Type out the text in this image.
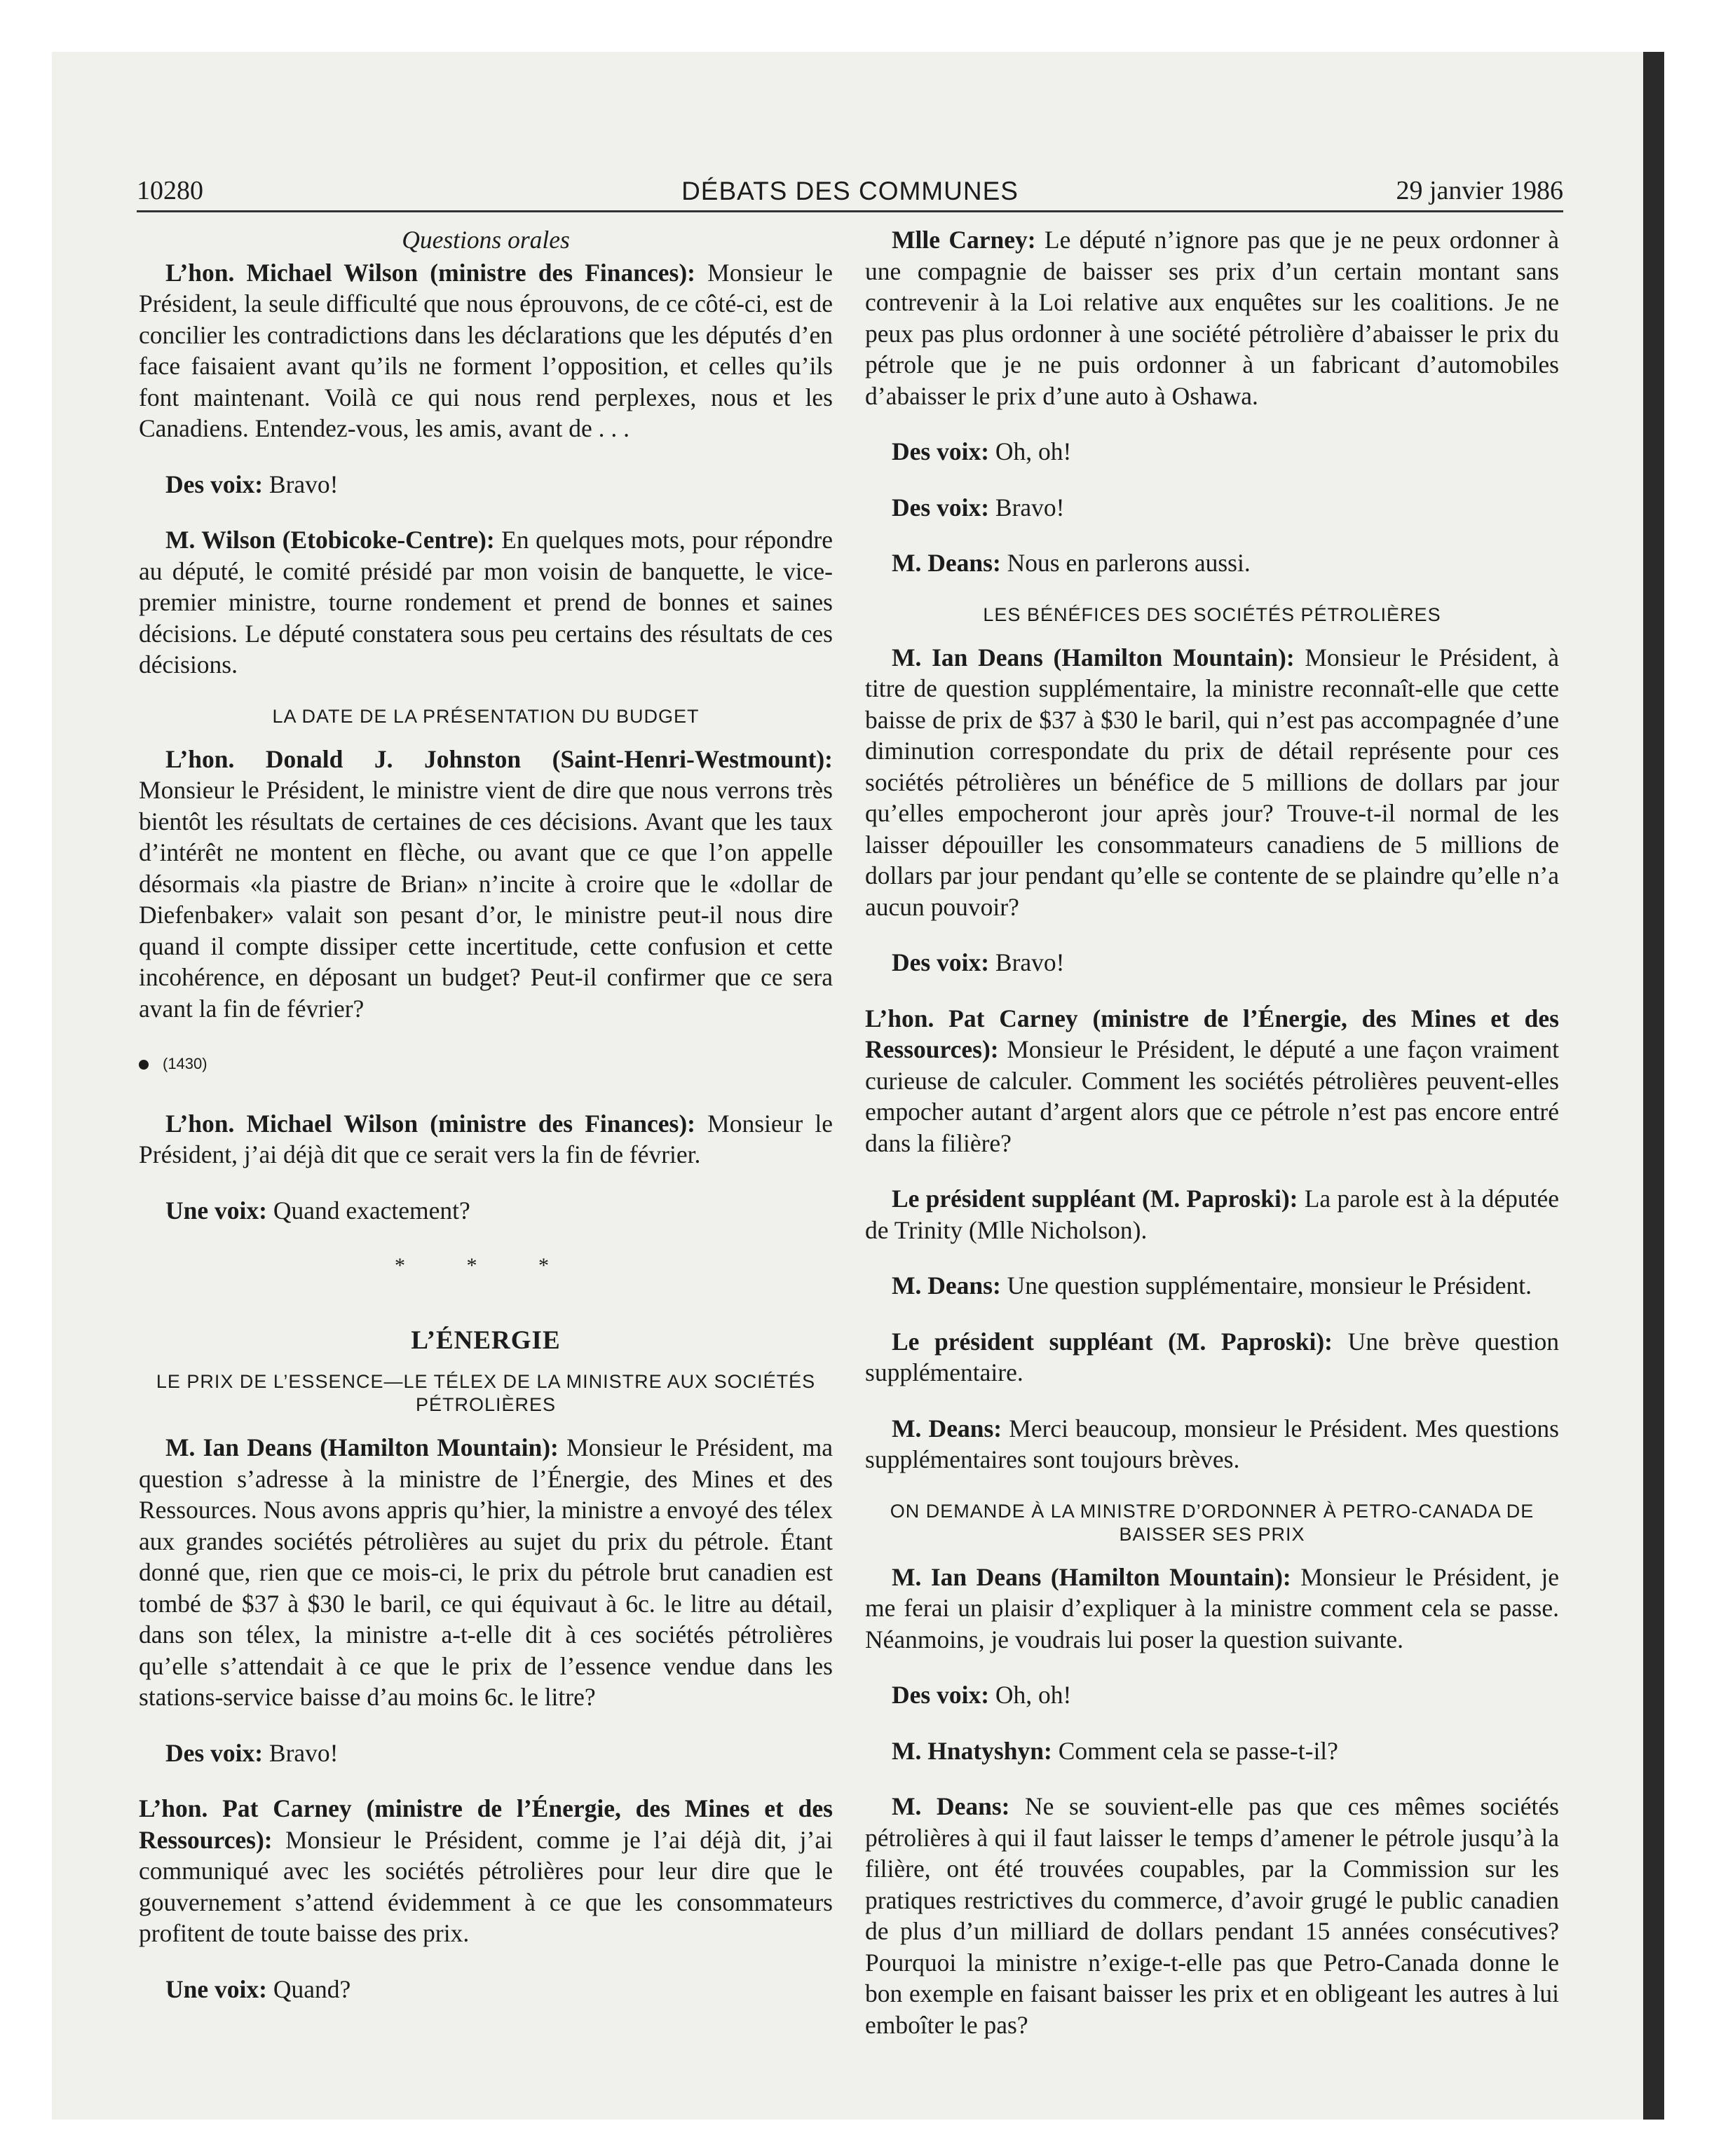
10280	DÉBATS DES COMMUNES	29 janvier 1986
Questions orales

L’hon. Michael Wilson (ministre des Finances): Monsieur le Président, la seule difficulté que nous éprouvons, de ce côté-ci, est de concilier les contradictions dans les déclarations que les députés d’en face faisaient avant qu’ils ne forment l’opposition, et celles qu’ils font maintenant. Voilà ce qui nous rend perplexes, nous et les Canadiens. Entendez-vous, les amis, avant de . . .

Des voix: Bravo!

M. Wilson (Etobicoke-Centre): En quelques mots, pour répondre au député, le comité présidé par mon voisin de banquette, le vice-premier ministre, tourne rondement et prend de bonnes et saines décisions. Le député constatera sous peu certains des résultats de ces décisions.

LA DATE DE LA PRÉSENTATION DU BUDGET

L’hon. Donald J. Johnston (Saint-Henri-Westmount): Monsieur le Président, le ministre vient de dire que nous verrons très bientôt les résultats de certaines de ces décisions. Avant que les taux d’intérêt ne montent en flèche, ou avant que ce que l’on appelle désormais «la piastre de Brian» n’incite à croire que le «dollar de Diefenbaker» valait son pesant d’or, le ministre peut-il nous dire quand il compte dissiper cette incertitude, cette confusion et cette incohérence, en déposant un budget? Peut-il confirmer que ce sera avant la fin de février?

(1430)

L’hon. Michael Wilson (ministre des Finances): Monsieur le Président, j’ai déjà dit que ce serait vers la fin de février.

Une voix: Quand exactement?

* * *
L’ÉNERGIE
LE PRIX DE L’ESSENCE—LE TÉLEX DE LA MINISTRE AUX SOCIÉTÉS PÉTROLIÈRES

M. Ian Deans (Hamilton Mountain): Monsieur le Président, ma question s’adresse à la ministre de l’Énergie, des Mines et des Ressources. Nous avons appris qu’hier, la ministre a envoyé des télex aux grandes sociétés pétrolières au sujet du prix du pétrole. Étant donné que, rien que ce mois-ci, le prix du pétrole brut canadien est tombé de $37 à $30 le baril, ce qui équivaut à 6c. le litre au détail, dans son télex, la ministre a-t-elle dit à ces sociétés pétrolières qu’elle s’attendait à ce que le prix de l’essence vendue dans les stations-service baisse d’au moins 6c. le litre?

Des voix: Bravo!

L’hon. Pat Carney (ministre de l’Énergie, des Mines et des Ressources): Monsieur le Président, comme je l’ai déjà dit, j’ai communiqué avec les sociétés pétrolières pour leur dire que le gouvernement s’attend évidemment à ce que les consommateurs profitent de toute baisse des prix.

Une voix: Quand?

Mlle Carney: Le député n’ignore pas que je ne peux ordonner à une compagnie de baisser ses prix d’un certain montant sans contrevenir à la Loi relative aux enquêtes sur les coalitions. Je ne peux pas plus ordonner à une société pétrolière d’abaisser le prix du pétrole que je ne puis ordonner à un fabricant d’automobiles d’abaisser le prix d’une auto à Oshawa.

Des voix: Oh, oh!

Des voix: Bravo!

M. Deans: Nous en parlerons aussi.

LES BÉNÉFICES DES SOCIÉTÉS PÉTROLIÈRES

M. Ian Deans (Hamilton Mountain): Monsieur le Président, à titre de question supplémentaire, la ministre reconnaît-elle que cette baisse de prix de $37 à $30 le baril, qui n’est pas accompagnée d’une diminution correspondate du prix de détail représente pour ces sociétés pétrolières un bénéfice de 5 millions de dollars par jour qu’elles empocheront jour après jour? Trouve-t-il normal de les laisser dépouiller les consommateurs canadiens de 5 millions de dollars par jour pendant qu’elle se contente de se plaindre qu’elle n’a aucun pouvoir?

Des voix: Bravo!

L’hon. Pat Carney (ministre de l’Énergie, des Mines et des Ressources): Monsieur le Président, le député a une façon vraiment curieuse de calculer. Comment les sociétés pétrolières peuvent-elles empocher autant d’argent alors que ce pétrole n’est pas encore entré dans la filière?

Le président suppléant (M. Paproski): La parole est à la députée de Trinity (Mlle Nicholson).

M. Deans: Une question supplémentaire, monsieur le Président.

Le président suppléant (M. Paproski): Une brève question supplémentaire.

M. Deans: Merci beaucoup, monsieur le Président. Mes questions supplémentaires sont toujours brèves.

ON DEMANDE À LA MINISTRE D’ORDONNER À PETRO-CANADA DE BAISSER SES PRIX

M. Ian Deans (Hamilton Mountain): Monsieur le Président, je me ferai un plaisir d’expliquer à la ministre comment cela se passe. Néanmoins, je voudrais lui poser la question suivante.

Des voix: Oh, oh!

M. Hnatyshyn: Comment cela se passe-t-il?

M. Deans: Ne se souvient-elle pas que ces mêmes sociétés pétrolières à qui il faut laisser le temps d’amener le pétrole jusqu’à la filière, ont été trouvées coupables, par la Commission sur les pratiques restrictives du commerce, d’avoir grugé le public canadien de plus d’un milliard de dollars pendant 15 années consécutives? Pourquoi la ministre n’exige-t-elle pas que Petro-Canada donne le bon exemple en faisant baisser les prix et en obligeant les autres à lui emboîter le pas?
